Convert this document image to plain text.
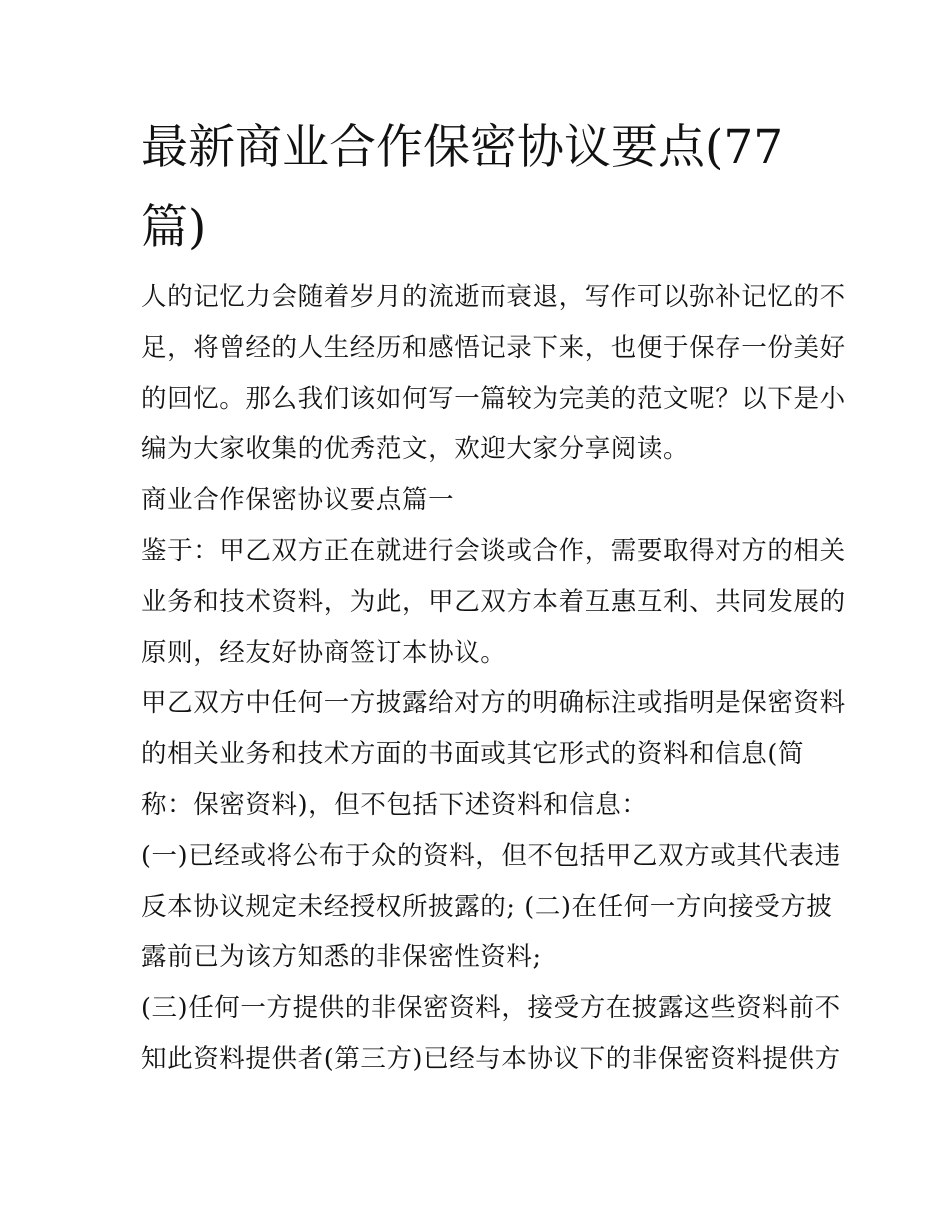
最新商业合作保密协议要点(77
篇)
人的记忆力会随着岁月的流逝而衰退，写作可以弥补记忆的不
足，将曾经的人生经历和感悟记录下来，也便于保存一份美好
的回忆。那么我们该如何写一篇较为完美的范文呢？以下是小
编为大家收集的优秀范文，欢迎大家分享阅读。
商业合作保密协议要点篇一
鉴于：甲乙双方正在就进行会谈或合作，需要取得对方的相关
业务和技术资料，为此，甲乙双方本着互惠互利、共同发展的
原则，经友好协商签订本协议。
甲乙双方中任何一方披露给对方的明确标注或指明是保密资料
的相关业务和技术方面的书面或其它形式的资料和信息(简
称：保密资料)，但不包括下述资料和信息：
(一)已经或将公布于众的资料，但不包括甲乙双方或其代表违
反本协议规定未经授权所披露的; (二)在任何一方向接受方披
露前已为该方知悉的非保密性资料;
(三)任何一方提供的非保密资料，接受方在披露这些资料前不
知此资料提供者(第三方)已经与本协议下的非保密资料提供方
